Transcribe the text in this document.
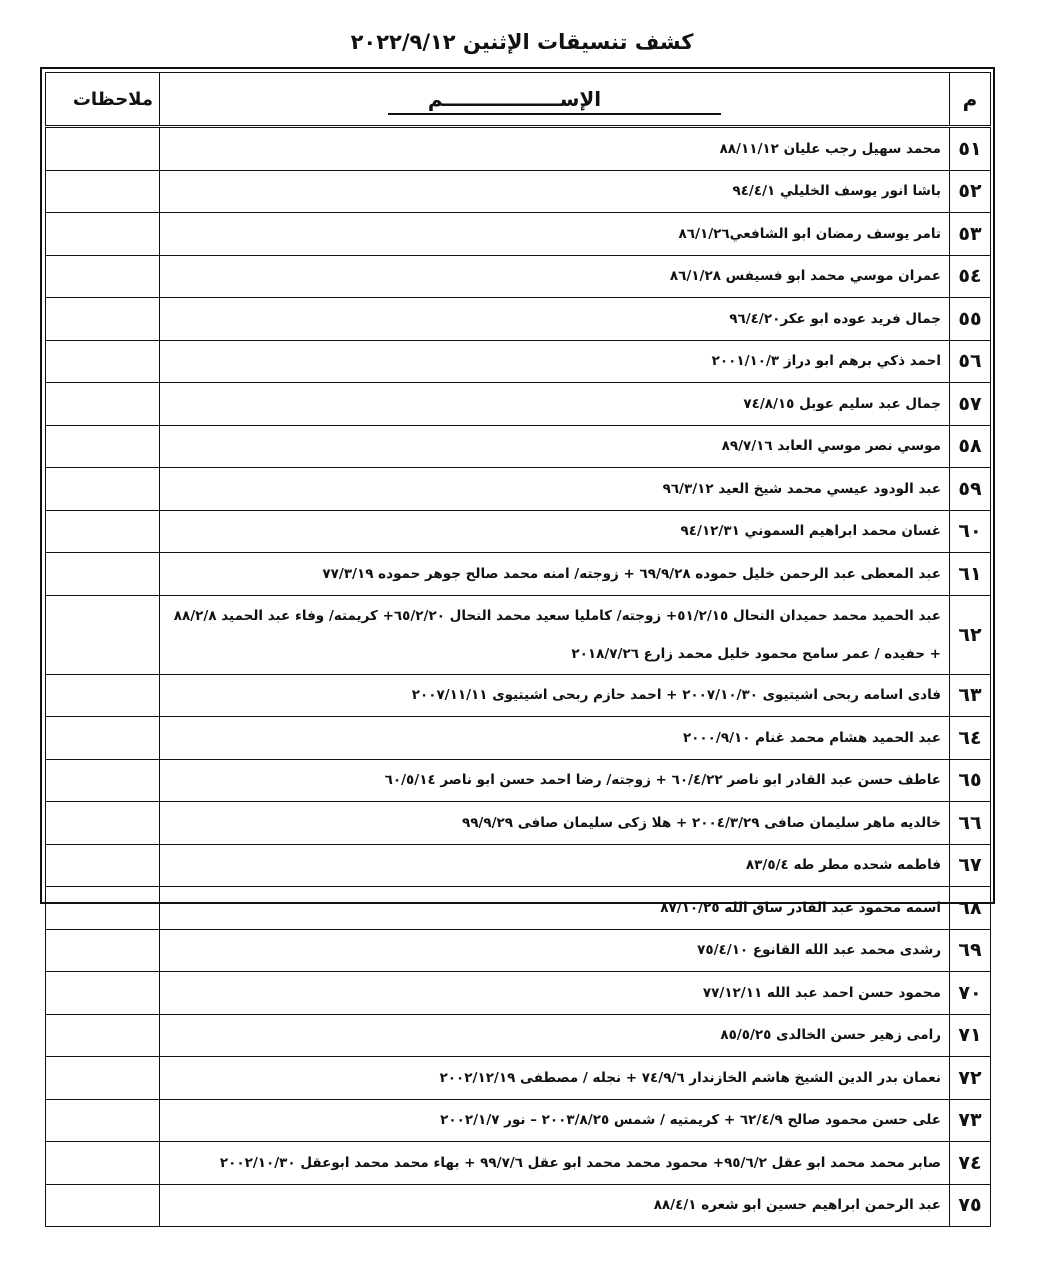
كشف تنسيقات الإثنين ٢٠٢٢/٩/١٢
م	الإســـــــــــــــــم	ملاحظات
٥١	محمد سهيل رجب عليان ٨٨/١١/١٢	
٥٢	باشا انور يوسف الخليلي ٩٤/٤/١	
٥٣	تامر يوسف رمضان ابو الشافعي٨٦/١/٢٦	
٥٤	عمران موسي محمد ابو فسيفس ٨٦/١/٢٨	
٥٥	جمال فريد عوده ابو عكر٩٦/٤/٢٠	
٥٦	احمد ذكي برهم ابو دراز ٢٠٠١/١٠/٣	
٥٧	جمال عبد سليم عوبل ٧٤/٨/١٥	
٥٨	موسي نصر موسي العابد ٨٩/٧/١٦	
٥٩	عبد الودود عيسي محمد شيخ العيد ٩٦/٣/١٢	
٦٠	غسان محمد ابراهيم السموني ٩٤/١٢/٣١	
٦١	عبد المعطى عبد الرحمن خليل حموده ٦٩/٩/٢٨ + زوجته/ امنه محمد صالح جوهر حموده ٧٧/٣/١٩	
٦٢	عبد الحميد محمد حميدان النحال ٥١/٢/١٥+ زوجته/ كامليا سعيد محمد النحال ٦٥/٢/٢٠+ كريمته/ وفاء عبد الحميد ٨٨/٢/٨ + حفيده / عمر سامح محمود خليل محمد زارع ٢٠١٨/٧/٢٦	
٦٣	فادى اسامه ربحى اشيتيوى ٢٠٠٧/١٠/٣٠ + احمد حازم ربحى اشيتيوى ٢٠٠٧/١١/١١	
٦٤	عبد الحميد هشام محمد غنام ٢٠٠٠/٩/١٠	
٦٥	عاطف حسن عبد القادر ابو ناصر ٦٠/٤/٢٢ + زوجته/ رضا احمد حسن ابو ناصر ٦٠/٥/١٤	
٦٦	خالديه ماهر سليمان صافى ٢٠٠٤/٣/٢٩ + هلا زكى سليمان صافى ٩٩/٩/٢٩	
٦٧	فاطمه شحده مطر طه ٨٣/٥/٤	
٦٨	اسمه محمود عبد القادر ساق الله ٨٧/١٠/٢٥	
٦٩	رشدى محمد عبد الله القانوع ٧٥/٤/١٠	
٧٠	محمود حسن احمد عبد الله ٧٧/١٢/١١	
٧١	رامى زهير حسن الخالدى ٨٥/٥/٢٥	
٧٢	نعمان بدر الدين الشيخ هاشم الخازندار ٧٤/٩/٦ + نجله / مصطفى ٢٠٠٢/١٢/١٩	
٧٣	على حسن محمود صالح ٦٢/٤/٩ + كريمتيه / شمس ٢٠٠٣/٨/٢٥ – نور ٢٠٠٢/١/٧	
٧٤	صابر محمد محمد ابو عقل ٩٥/٦/٢+ محمود محمد محمد ابو عقل ٩٩/٧/٦ + بهاء محمد محمد ابوعقل ٢٠٠٢/١٠/٣٠	
٧٥	عبد الرحمن ابراهيم حسين ابو شعره ٨٨/٤/١	
